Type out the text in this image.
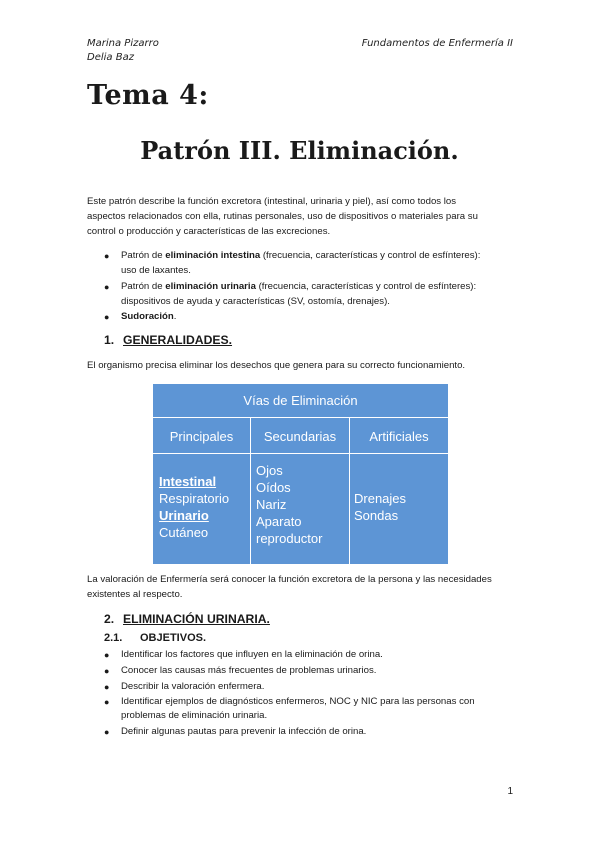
Marina Pizarro
Delia Baz
Fundamentos de Enfermería II
Tema 4:
Patrón III. Eliminación.
Este patrón describe la función excretora (intestinal, urinaria y piel), así como todos los
aspectos relacionados con ella, rutinas personales, uso de dispositivos o materiales para su
control o producción y características de las excreciones.
● Patrón de eliminación intestina (frecuencia, características y control de esfínteres):
uso de laxantes.
● Patrón de eliminación urinaria (frecuencia, características y control de esfínteres):
dispositivos de ayuda y características (SV, ostomía, drenajes).
● Sudoración.
1. GENERALIDADES.
El organismo precisa eliminar los desechos que genera para su correcto funcionamiento.
Vías de Eliminación
Principales	Secundarias	Artificiales
Intestinal
Respiratorio
Urinario
Cutáneo
Ojos
Oídos
Nariz
Aparato
reproductor
Drenajes
Sondas
La valoración de Enfermería será conocer la función excretora de la persona y las necesidades
existentes al respecto.
2. ELIMINACIÓN URINARIA.
2.1. OBJETIVOS.
● Identificar los factores que influyen en la eliminación de orina.
● Conocer las causas más frecuentes de problemas urinarios.
● Describir la valoración enfermera.
● Identificar ejemplos de diagnósticos enfermeros, NOC y NIC para las personas con
problemas de eliminación urinaria.
● Definir algunas pautas para prevenir la infección de orina.
1
